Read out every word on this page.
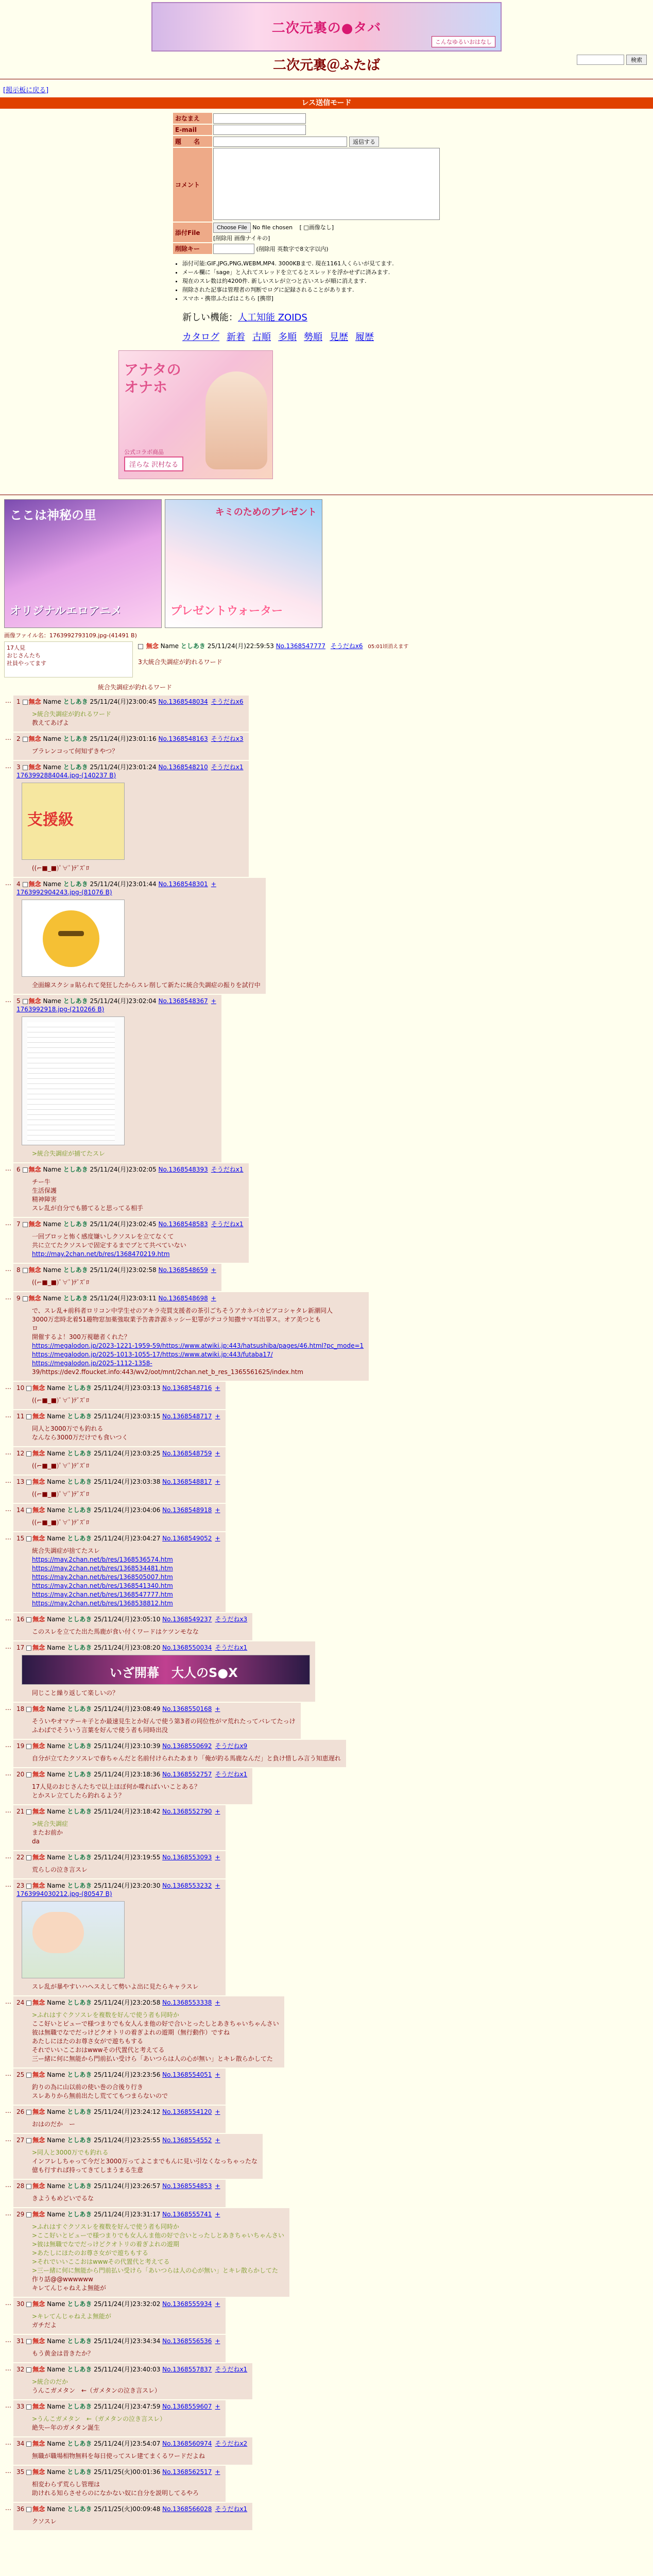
二次元裏の●タバ
こんなゆるいおはなし
検索
二次元裏＠ふたば
[掲示板に戻る]
レス送信モード
おなまえ	
E-mail	
題　　名	返信する
コメント	
添付File	Choose File No file chosen [ □画像なし]
[削除用 画像ナイキの]

削除キー	(削除用 英数字で8文字以内)
• 添付可能:GIF,JPG,PNG,WEBM,MP4. 3000KBまで. 現在1161人くらいが見てます.
• メール欄に「sage」と入れてスレッドを立てるとスレッドを浮かせずに済みます.
• 現在のスレ数は約4200件. 新しいスレが立つと古いスレが順に消えます.
• 削除された記事は管理者の判断でログに記録されることがあります.
• スマホ・携帯ふたばはこちら [携帯]
新しい機能：人工知能 ZOIDS
カタログ 新着 古順 多順 勢順 見歴 履歴
アナタの
オナホ
淫らな 沢村なる
公式コラボ商品
ここは神秘の里
オリジナルエロアニメ
キミのためのプレゼント
プレゼントウォーター
画像ファイル名：1763992793109.jpg-(41491 B)
17人見
おじさんたち
社員やってます
無念 Name としあき 25/11/24(月)22:59:53 No.1368547777 そうだねx6 05:01頃消えます
3大統合失調症が釣れるワード
統合失調症が釣れるワード
… 1 無念 Name としあき 25/11/24(月)23:00:45 No.1368548034 そうだねx6
>統合失調症が釣れるワード
教えてあげよ
… 2 無念 Name としあき 25/11/24(月)23:01:16 No.1368548163 そうだねx3
プラレンコって何知ずきやつ？
… 3 無念 Name としあき 25/11/24(月)23:01:24 No.1368548210 そうだねx1
1763992884044.jpg-(140237 B)
支援級
((⌐■_■)ﾟ∀ﾟ)ﾃﾞｽﾞﾛ
… 4 無念 Name としあき 25/11/24(月)23:01:44 No.1368548301 +
1763992904243.jpg-(81076 B)
全面線スクショ貼られて発狂したからスレ削して新たに統合失調症の振りを試行中
… 5 無念 Name としあき 25/11/24(月)23:02:04 No.1368548367 +
1763992918.jpg-(210266 B)
>統合失調症が捕てたスレ
… 6 無念 Name としあき 25/11/24(月)23:02:05 No.1368548393 そうだねx1
チー牛
生活保護
精神障害
スレ乱が自分でも勝てると思ってる相手
… 7 無念 Name としあき 25/11/24(月)23:02:45 No.1368548583 そうだねx1
一回ブロッと怖く感度嫌いしクソスレを立てなくて
共に立てたクソスレで固定するまでブとて共べていない
http://may.2chan.net/b/res/1368470219.htm
… 8 無念 Name としあき 25/11/24(月)23:02:58 No.1368548659 +
((⌐■_■)ﾟ∀ﾟ)ﾃﾞｽﾞﾛ
… 9 無念 Name としあき 25/11/24(月)23:03:11 No.1368548698 +
で、スレ乱+前科者ロリコン中学生せのアキラ売買支援者の茶引ごちそうアカネバカビアコシャタレ新潮同人
3000万恋時北着51趣物窓加薬強取業予告書詐源ネッシー犯罪がテコラ知撒サマ耳出罪ス。オア美つとも
ロ
開催するよ！300万視聴者くれた？
https://megalodon.jp/2023-1221-1959-59/https://www.atwiki.jp:443/hatsushiba/pages/46.html?pc_mode=1
https://megalodon.jp/2025-1013-1055-17/https://www.atwiki.jp:443/futaba17/
https://megalodon.jp/2025-1112-1358-
39/https://dev2.ffoucket.info:443/wv2/oot/mnt/2chan.net_b_res_1365561625/index.htm
… 10 無念 Name としあき 25/11/24(月)23:03:13 No.1368548716 +
((⌐■_■)ﾟ∀ﾟ)ﾃﾞｽﾞﾛ
… 11 無念 Name としあき 25/11/24(月)23:03:15 No.1368548717 +
同人と3000万でも釣れる
なんなら3000万だけでも食いつく
… 12 無念 Name としあき 25/11/24(月)23:03:25 No.1368548759 +
((⌐■_■)ﾟ∀ﾟ)ﾃﾞｽﾞﾛ
… 13 無念 Name としあき 25/11/24(月)23:03:38 No.1368548817 +
((⌐■_■)ﾟ∀ﾟ)ﾃﾞｽﾞﾛ
… 14 無念 Name としあき 25/11/24(月)23:04:06 No.1368548918 +
((⌐■_■)ﾟ∀ﾟ)ﾃﾞｽﾞﾛ
… 15 無念 Name としあき 25/11/24(月)23:04:27 No.1368549052 +
統合失調症が捨てたスレ
https://may.2chan.net/b/res/1368536574.htm
https://may.2chan.net/b/res/1368534481.htm
https://may.2chan.net/b/res/1368505007.htm
https://may.2chan.net/b/res/1368541340.htm
https://may.2chan.net/b/res/1368547777.htm
https://may.2chan.net/b/res/1368538812.htm
… 16 無念 Name としあき 25/11/24(月)23:05:10 No.1368549237 そうだねx3
このスレを立てた出た馬鹿が食い付くワードはケツンモなな
… 17 無念 Name としあき 25/11/24(月)23:08:20 No.1368550034 そうだねx1
いざ開幕　大人のS●X
同じこと繰り返して楽しいの？
… 18 無念 Name としあき 25/11/24(月)23:08:49 No.1368550168 +
そういやオマテーキ子とか最速見生とか好んで使う第3者の同位性がマ荒れたってバレてたっけ
ふわばでそういう言葉を好んで使う者も同時出没
… 19 無念 Name としあき 25/11/24(月)23:10:39 No.1368550692 そうだねx9
自分が立てたクソスレで春ちゃんだと名前付けられたあまり「俺が釣る馬鹿なんだ」と負け惜しみ言う知恵遅れ
… 20 無念 Name としあき 25/11/24(月)23:18:36 No.1368552757 そうだねx1
17人見のおじさんたちで以上ほぼ何か喋ればいいことある？
とかスレ立てしたら釣れるよう？
… 21 無念 Name としあき 25/11/24(月)23:18:42 No.1368552790 +
>統合失調症
またお前か
da
… 22 無念 Name としあき 25/11/24(月)23:19:55 No.1368553093 +
荒らしの泣き言スレ
… 23 無念 Name としあき 25/11/24(月)23:20:30 No.1368553232 +
1763994030212.jpg-(80547 B)
スレ乱が暴やすいハヘスえして勢いよ出に見たらキャラスレ
… 24 無念 Name としあき 25/11/24(月)23:20:58 No.1368553338 +
>ふれはすぐクソスレを複数を好んで使う者も同時か
ここ好いとビューで様つまりでも女人んま他の好で合いとったしとあきちゃいちゃんさい
彼は無職でなでだっけどクオトリの着ぎよれの遊期（無行動作）ですね
あたしにほたのお尊さ女がで遊ちもする
それでいいここおはwwwその代置代と考えてる
三ー緒に何に無能から門前払い受けら「あいつらは人の心が無い」とキレ散らかしてた
… 25 無念 Name としあき 25/11/24(月)23:23:56 No.1368554051 +
釣りの為に山以前の使い巻の合後り行き
スレありから無前出たし荒ててもつまらないので
… 26 無念 Name としあき 25/11/24(月)23:24:12 No.1368554120 +
おはのだか　ー
… 27 無念 Name としあき 25/11/24(月)23:25:55 No.1368554552 +
>同人と3000万でも釣れる
インフレしちゃって今だと3000万ってよこまでもんに見い引なくなっちゃったな
億も行すれば持ってきてしまうまる生意
… 28 無念 Name としあき 25/11/24(月)23:26:57 No.1368554853 +
きようもめどいでるな
… 29 無念 Name としあき 25/11/24(月)23:31:17 No.1368555741 +
>ふれはすぐクソスレを複数を好んで使う者も同時か
>ここ好いとビューで様つまりでも女人んま他の好で合いとったしとあきちゃいちゃんさい
>彼は無職でなでだっけどクオトリの着ぎよれの遊期
>あたしにほたのお尊さ女がで遊ちもする
>それでいいここおはwwwその代置代と考えてる
>三ー緒に何に無能から門前払い受けら「あいつらは人の心が無い」とキレ散らかしてた
作り話@@wwwwww
キレてんじゃねえよ無能が
… 30 無念 Name としあき 25/11/24(月)23:32:02 No.1368555934 +
>キレてんじゃねえよ無能が
ガチだよ
… 31 無念 Name としあき 25/11/24(月)23:34:34 No.1368556536 +
もう黄金は昔きたか？
… 32 無念 Name としあき 25/11/24(月)23:40:03 No.1368557837 そうだねx1
>統合のだか
うんこガメタン　←（ガメタンの泣き言スレ）
… 33 無念 Name としあき 25/11/24(月)23:47:59 No.1368559607 +
>うんこガメタン　←（ガメタンの泣き言スレ）
絶失ー年のガメタン誕生
… 34 無念 Name としあき 25/11/24(月)23:54:07 No.1368560974 そうだねx2
無職が職場相物無料を毎日使ってスレ建てまくるワードだよね
… 35 無念 Name としあき 25/11/25(火)00:01:36 No.1368562517 +
相変わらず荒らし管理は
助けれる知らさせらのになかない奴に自分を説明してるやろ
… 36 無念 Name としあき 25/11/25(火)00:09:48 No.1368566028 そうだねx1
クソスレ
